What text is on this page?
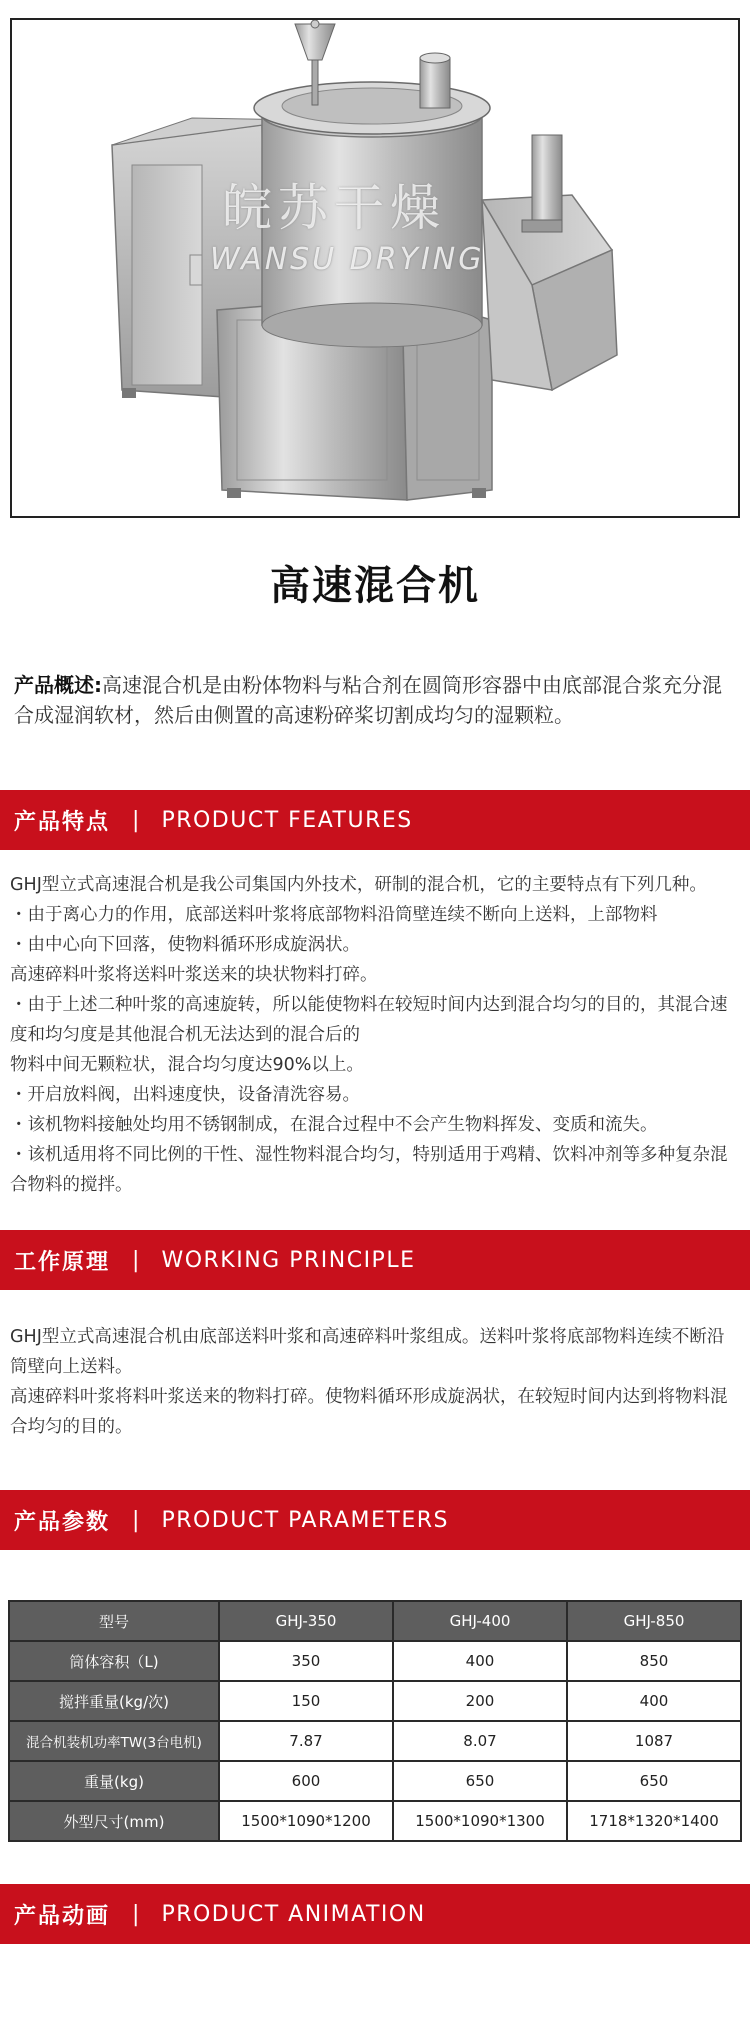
皖苏干燥
WANSU DRYING
高速混合机

产品概述:高速混合机是由粉体物料与粘合剂在圆筒形容器中由底部混合浆充分混合成湿润软材，然后由侧置的高速粉碎桨切割成均匀的湿颗粒。

产品特点 | PRODUCT FEATURES

GHJ型立式高速混合机是我公司集国内外技术，研制的混合机，它的主要特点有下列几种。

・由于离心力的作用，底部送料叶浆将底部物料沿筒壁连续不断向上送料，上部物料

・由中心向下回落，使物料循环形成旋涡状。

高速碎料叶浆将送料叶浆送来的块状物料打碎。

・由于上述二种叶浆的高速旋转，所以能使物料在较短时间内达到混合均匀的目的，其混合速度和均匀度是其他混合机无法达到的混合后的

物料中间无颗粒状，混合均匀度达90%以上。

・开启放料阀，出料速度快，设备清洗容易。

・该机物料接触处均用不锈钢制成，在混合过程中不会产生物料挥发、变质和流失。

・该机适用将不同比例的干性、湿性物料混合均匀，特别适用于鸡精、饮料冲剂等多种复杂混合物料的搅拌。

工作原理 | WORKING PRINCIPLE

GHJ型立式高速混合机由底部送料叶浆和高速碎料叶浆组成。送料叶浆将底部物料连续不断沿筒壁向上送料。

高速碎料叶浆将料叶浆送来的物料打碎。使物料循环形成旋涡状，在较短时间内达到将物料混合均匀的目的。

产品参数 | PRODUCT PARAMETERS
型号	GHJ-350	GHJ-400	GHJ-850
筒体容积（L)	350	400	850
搅拌重量(kg/次)	150	200	400
混合机装机功率TW(3台电机)	7.87	8.07	1087
重量(kg)	600	650	650
外型尺寸(mm)	1500*1090*1200	1500*1090*1300	1718*1320*1400
产品动画 | PRODUCT ANIMATION
